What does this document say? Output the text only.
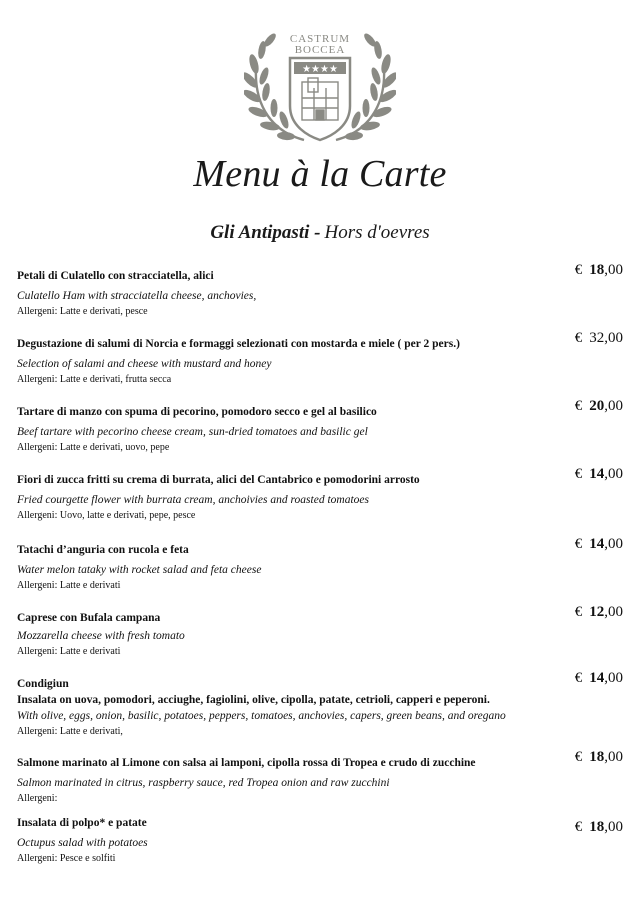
★★★★
CASTRUM
BOCCEA
Menu à la Carte
Gli Antipasti - Hors d'oevres
Petali di Culatello con stracciatella, alici
Culatello Ham with stracciatella cheese, anchovies,
Allergeni: Latte e derivati, pesce
€ 18,00
Degustazione di salumi di Norcia e formaggi selezionati con mostarda e miele ( per 2 pers.)
Selection of salami and cheese with mustard and honey
Allergeni: Latte e derivati, frutta secca
€ 32,00
Tartare di manzo con spuma di pecorino, pomodoro secco e gel al basilico
Beef tartare with pecorino cheese cream, sun-dried tomatoes and basilic gel
Allergeni: Latte e derivati, uovo, pepe
€ 20,00
Fiori di zucca fritti su crema di burrata, alici del Cantabrico e pomodorini arrosto
Fried courgette flower with burrata cream, anchoivies and roasted tomatoes
Allergeni: Uovo, latte e derivati, pepe, pesce
€ 14,00
Tatachi d’anguria con rucola e feta
Water melon tataky with rocket salad and feta cheese
Allergeni: Latte e derivati
€ 14,00
Caprese con Bufala campana
Mozzarella cheese with fresh tomato
Allergeni: Latte e derivati
€ 12,00
Condigiun
Insalata on uova, pomodori, acciughe, fagiolini, olive, cipolla, patate, cetrioli, capperi e peperoni.
With olive, eggs, onion, basilic, potatoes, peppers, tomatoes, anchovies, capers, green beans, and oregano
Allergeni: Latte e derivati,
€ 14,00
Salmone marinato al Limone con salsa ai lamponi, cipolla rossa di Tropea e crudo di zucchine
Salmon marinated in citrus, raspberry sauce, red Tropea onion and raw zucchini
Allergeni:
€ 18,00
Insalata di polpo* e patate
Octupus salad with potatoes
Allergeni: Pesce e solfiti
€ 18,00
